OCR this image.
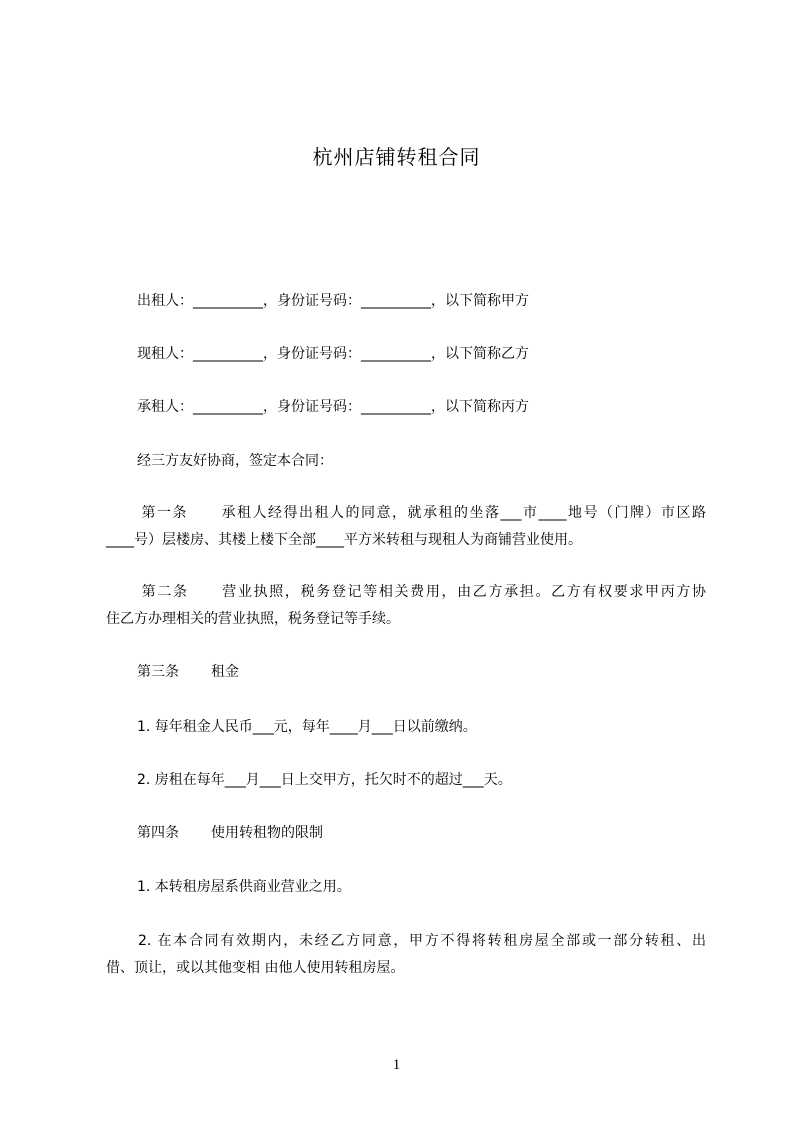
杭州店铺转租合同
出租人：__________，身份证号码：__________，以下简称甲方
现租人：__________，身份证号码：__________，以下简称乙方
承租人：__________，身份证号码：__________，以下简称丙方
经三方友好协商，签定本合同：
第一条 承租人经得出租人的同意，就承租的坐落___市____地号（门牌）市区路
____号）层楼房、其楼上楼下全部____平方米转租与现租人为商铺营业使用。
第二条 营业执照，税务登记等相关费用，由乙方承担。乙方有权要求甲丙方协
住乙方办理相关的营业执照，税务登记等手续。
第三条 租金
1. 每年租金人民币___元，每年____月___日以前缴纳。
2. 房租在每年___月___日上交甲方，托欠时不的超过___天。
第四条 使用转租物的限制
1. 本转租房屋系供商业营业之用。
2. 在本合同有效期内，未经乙方同意，甲方不得将转租房屋全部或一部分转租、出
借、顶让，或以其他变相 由他人使用转租房屋。
1
